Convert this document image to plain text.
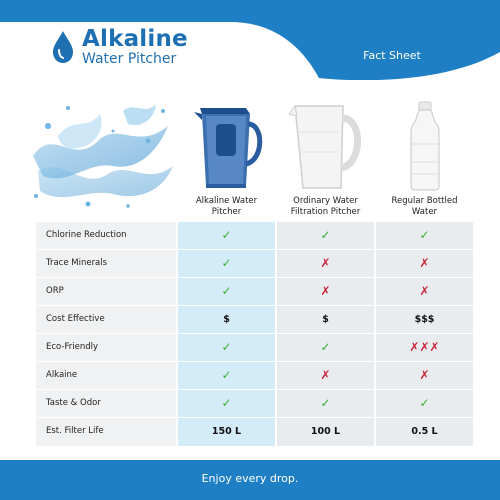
Alkaline
Water Pitcher	Fact Sheet
Alkaline Water Pitcher
Ordinary Water Filtration Pitcher
Regular Bottled Water
Chlorine Reduction	✓	✓	✓
Trace Minerals	✓	✗	✗
ORP	✓	✗	✗
Cost Effective	$	$	$$$
Eco-Friendly	✓	✓	✗✗✗
Alkaine	✓	✗	✗
Taste & Odor	✓	✓	✓
Est. Filter Life	150 L	100 L	0.5 L
Enjoy every drop.
